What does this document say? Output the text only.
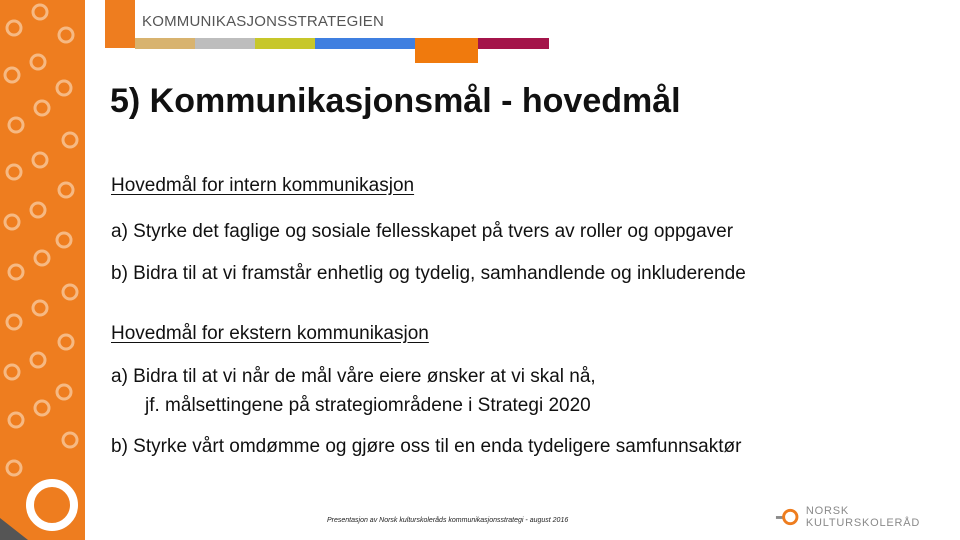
KOMMUNIKASJONSSTRATEGIEN
5) Kommunikasjonsmål - hovedmål
Hovedmål for intern kommunikasjon
a) Styrke det faglige og sosiale fellesskapet på tvers av roller og oppgaver
b) Bidra til at vi framstår enhetlig og tydelig, samhandlende og inkluderende
Hovedmål for ekstern kommunikasjon
a) Bidra til at vi når de mål våre eiere ønsker at vi skal nå,
jf. målsettingene på strategiområdene i Strategi 2020
b) Styrke vårt omdømme og gjøre oss til en enda tydeligere samfunnsaktør
Presentasjon av Norsk kulturskoleråds kommunikasjonsstrategi - august 2016
NORSK KULTURSKOLERÅD
